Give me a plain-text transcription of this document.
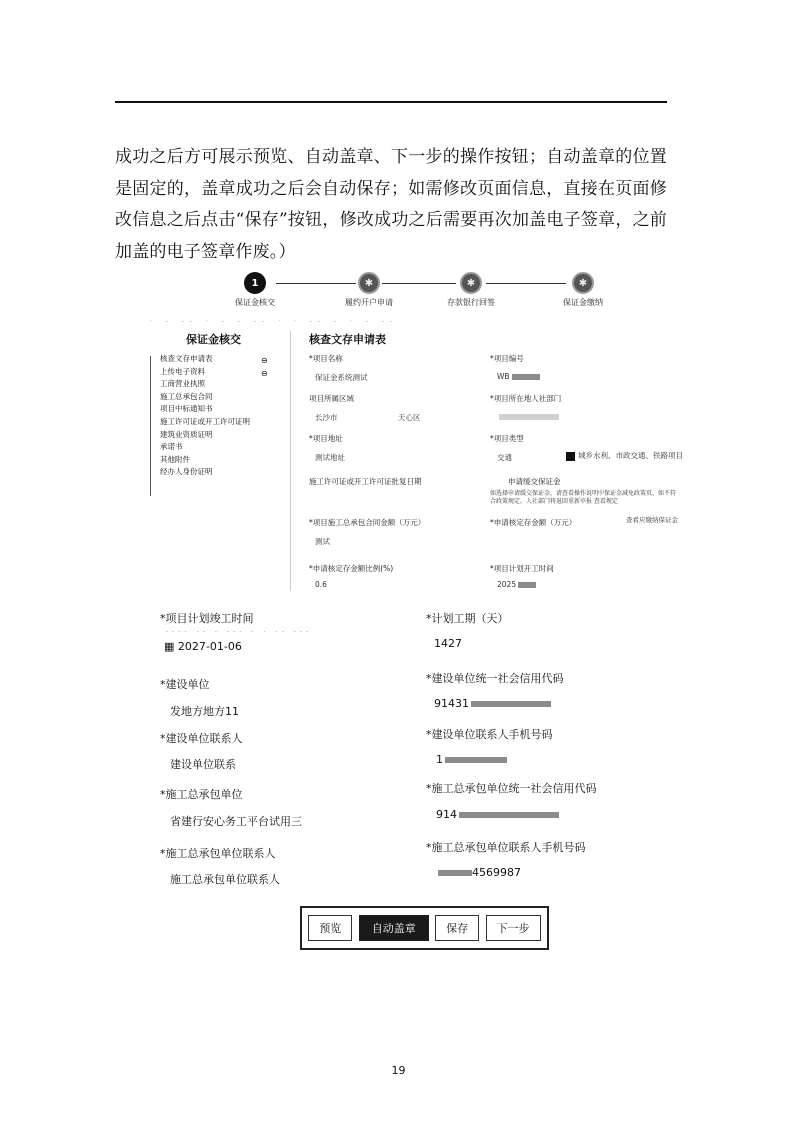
成功之后方可展示预览、自动盖章、下一步的操作按钮；自动盖章的位置是固定的，盖章成功之后会自动保存；如需修改页面信息，直接在页面修改信息之后点击“保存”按钮，修改成功之后需要再次加盖电子签章，之前加盖的电子签章作废。）
1
保证金核交
✱
履约开户申请
✱
存款银行回签
✱
保证金缴纳
· ‐ ‐‐ · ‐ ‐ ‐‐ · · ‐‐ ‐ · ‐ ‐‐
保证金核交
核查文存申请表	⊖
上传电子资料	⊖
工商营业执照
施工总承包合同
项目中标通知书
施工许可证或开工许可证明
建筑业资质证明
承诺书
其他附件
经办人身份证明
核查文存申请表
*项目名称
保证金系统测试
*项目编号
WB
项目所属区域
长沙市	天心区
*项目所在地人社部门
*项目地址
测试地址
*项目类型
交通	城乡水利、市政交通、铁路项目
施工许可证或开工许可证批复日期	申请缓交保证金
如选择申请缓交保证金，请查看操作说明中保证金减免政策页，如不符合政策规定，人社部门将退回重新申报 查看规定
*项目施工总承包合同金额（万元）
测试
*申请核定存金额（万元）	查看应缴纳保证金
*申请核定存金额比例(%)
0.6
*项目计划开工时间
2025
*项目计划竣工时间
‐‐‐‐ ‐‐ ‐ ‐‐‐ ‐ ‐ ‐‐ ‐‐‐
▦ 2027-01-06
*计划工期（天）
1427
*建设单位
发地方地方11
*建设单位统一社会信用代码
91431
*建设单位联系人
建设单位联系
*建设单位联系人手机号码
1
*施工总承包单位
省建行安心务工平台试用三
*施工总承包单位统一社会信用代码
914
*施工总承包单位联系人
施工总承包单位联系人
*施工总承包单位联系人手机号码
4569987
预览	自动盖章	保存	下一步
19
